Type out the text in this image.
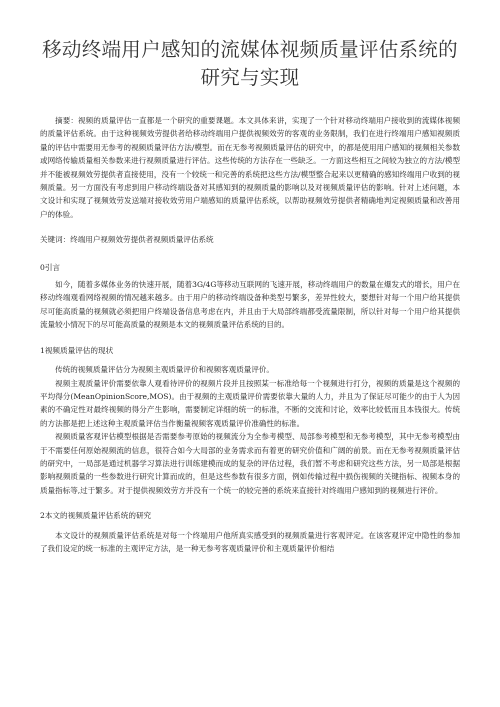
移动终端用户感知的流媒体视频质量评估系统的
研究与实现

摘要：视频的质量评估一直都是一个研究的重要课题。本文具体来讲，实现了一个针对移动终端用户接收到的流媒体视频的质量评估系统。由于这种视频效劳提供者给移动终端用户提供视频效劳的客观的业务限制，我们在进行终端用户感知视频质量的评估中需要用无参考的视频质量评估方法/模型。而在无参考视频质量评估的研究中，的都是使用用户感知的视频相关参数或网络传输质量相关参数来进行视频质量进行评估。这些传统的方法存在一些缺乏。一方面这些相互之间较为独立的方法/模型并不能被视频效劳提供者直接使用，没有一个较统一和完善的系统把这些方法/模型整合起来以更精确的感知终端用户收到的视频质量。另一方面没有考虑到用户移动终端设备对其感知到的视频质量的影响以及对视频质量评估的影响。针对上述问题，本文设计和实现了视频效劳发送端对接收效劳用户端感知的质量评估系统，以帮助视频效劳提供者精确地判定视频质量和改善用户的体验。

关键词：终端用户视频效劳提供者视频质量评估系统

0引言

如今，随着多媒体业务的快速开展，随着3G/4G等移动互联网的飞速开展，移动终端用户的数量在爆发式的增长，用户在移动终端观看网络视频的情况越来越多。由于用户的移动终端设备种类型号繁多，差异性较大，要想针对每一个用户给其提供尽可能高质量的视频就必须把用户终端设备信息考虑在内，并且由于大局部终端都受流量限制，所以针对每一个用户给其提供流量较小情况下的尽可能高质量的视频是本文的视频质量评估系统的目的。

1视频质量评估的现状

传统的视频质量评估分为视频主观质量评价和视频客观质量评价。

视频主观质量评价需要依靠人观看待评价的视频片段并且按照某一标准给每一个视频进行打分，视频的质量是这个视频的平均得分(MeanOpinionScore,MOS)。由于视频的主观质量评价需要依靠大量的人力，并且为了保证尽可能少的由于人为因素的不确定性对最终视频的得分产生影响，需要制定详细的统一的标准，不断的交流和讨论，效率比较低而且本钱很大。传统的方法都是把上述这种主观质量评估当作衡量视频客观质量评价准确性的标准。

视频质量客观评估模型根据是否需要参考原始的视频流分为全参考模型、局部参考模型和无参考模型，其中无参考模型由于不需要任何原始视频流的信息，很符合如今大局部的业务需求而有着更的研究价值和广阔的前景。而在无参考视频质量评估的研究中，一局部是通过机器学习算法进行训练建模而成的复杂的评估过程，我们暂不考虑和研究这些方法，另一局部是根据影响视频质量的一些参数进行研究计算而成的，但是这些参数有很多方面，例如传输过程中损伤视频的关键指标、视频本身的质量指标等,过于繁多。对于提供视频效劳方并没有一个统一的较完善的系统来直接针对终端用户感知到的视频进行评价。

2本文的视频质量评估系统的研究

本文设计的视频质量评估系统是对每一个终端用户他所真实感受到的视频质量进行客观评定。在该客观评定中隐性的参加了我们设定的统一标准的主观评定方法，是一种无参考客观质量评价和主观质量评价相结
